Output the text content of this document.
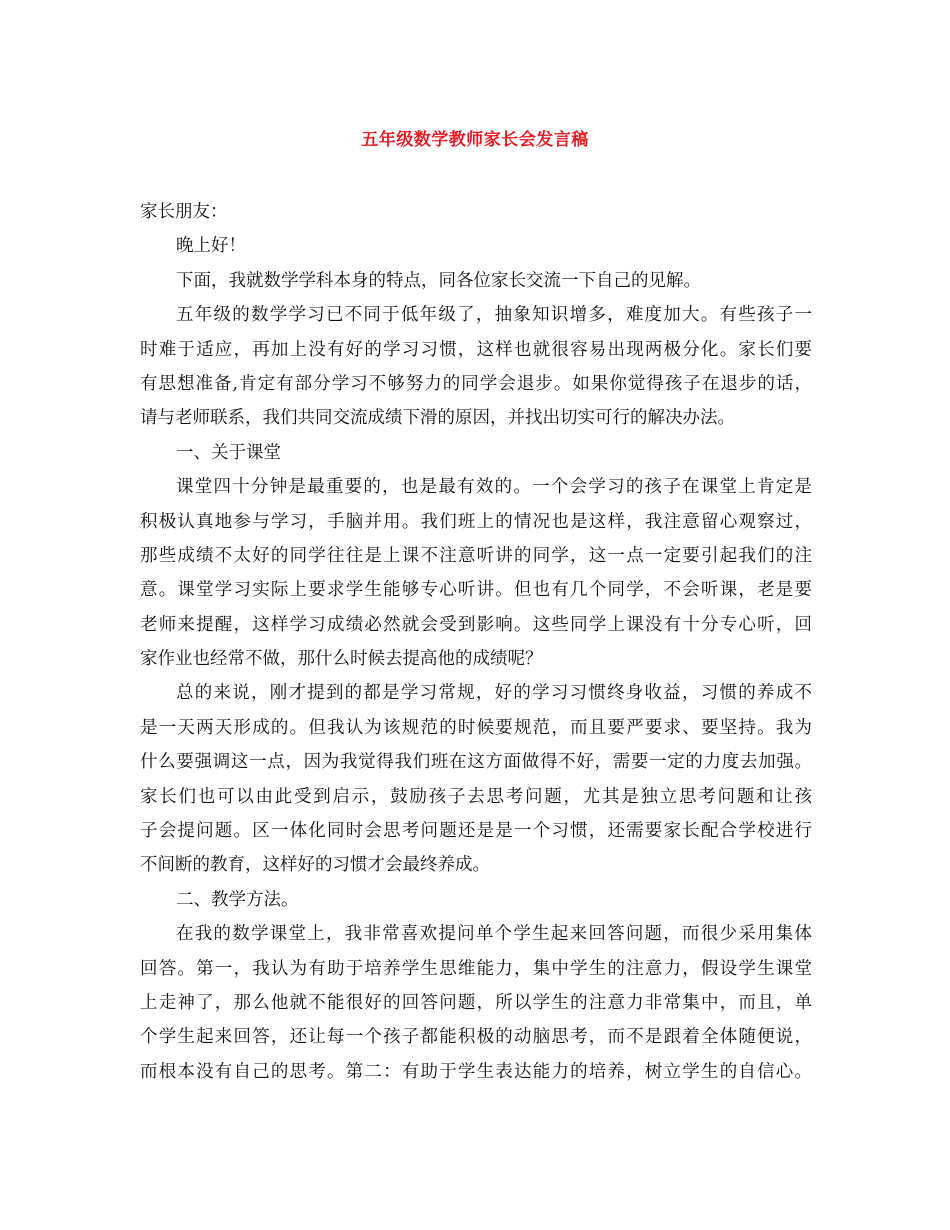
五年级数学教师家长会发言稿
家长朋友：
晚上好！
下面，我就数学学科本身的特点，同各位家长交流一下自己的见解。
五年级的数学学习已不同于低年级了，抽象知识增多，难度加大。有些孩子一
时难于适应，再加上没有好的学习习惯，这样也就很容易出现两极分化。家长们要
有思想准备,肯定有部分学习不够努力的同学会退步。如果你觉得孩子在退步的话，
请与老师联系，我们共同交流成绩下滑的原因，并找出切实可行的解决办法。
一、关于课堂
课堂四十分钟是最重要的，也是最有效的。一个会学习的孩子在课堂上肯定是
积极认真地参与学习，手脑并用。我们班上的情况也是这样，我注意留心观察过，
那些成绩不太好的同学往往是上课不注意听讲的同学，这一点一定要引起我们的注
意。课堂学习实际上要求学生能够专心听讲。但也有几个同学，不会听课，老是要
老师来提醒，这样学习成绩必然就会受到影响。这些同学上课没有十分专心听，回
家作业也经常不做，那什么时候去提高他的成绩呢？
总的来说，刚才提到的都是学习常规，好的学习习惯终身收益，习惯的养成不
是一天两天形成的。但我认为该规范的时候要规范，而且要严要求、要坚持。我为
什么要强调这一点，因为我觉得我们班在这方面做得不好，需要一定的力度去加强。
家长们也可以由此受到启示，鼓励孩子去思考问题，尤其是独立思考问题和让孩
子会提问题。区一体化同时会思考问题还是是一个习惯，还需要家长配合学校进行
不间断的教育，这样好的习惯才会最终养成。
二、教学方法。
在我的数学课堂上，我非常喜欢提问单个学生起来回答问题，而很少采用集体
回答。第一，我认为有助于培养学生思维能力，集中学生的注意力，假设学生课堂
上走神了，那么他就不能很好的回答问题，所以学生的注意力非常集中，而且，单
个学生起来回答，还让每一个孩子都能积极的动脑思考，而不是跟着全体随便说，
而根本没有自己的思考。第二：有助于学生表达能力的培养，树立学生的自信心。
